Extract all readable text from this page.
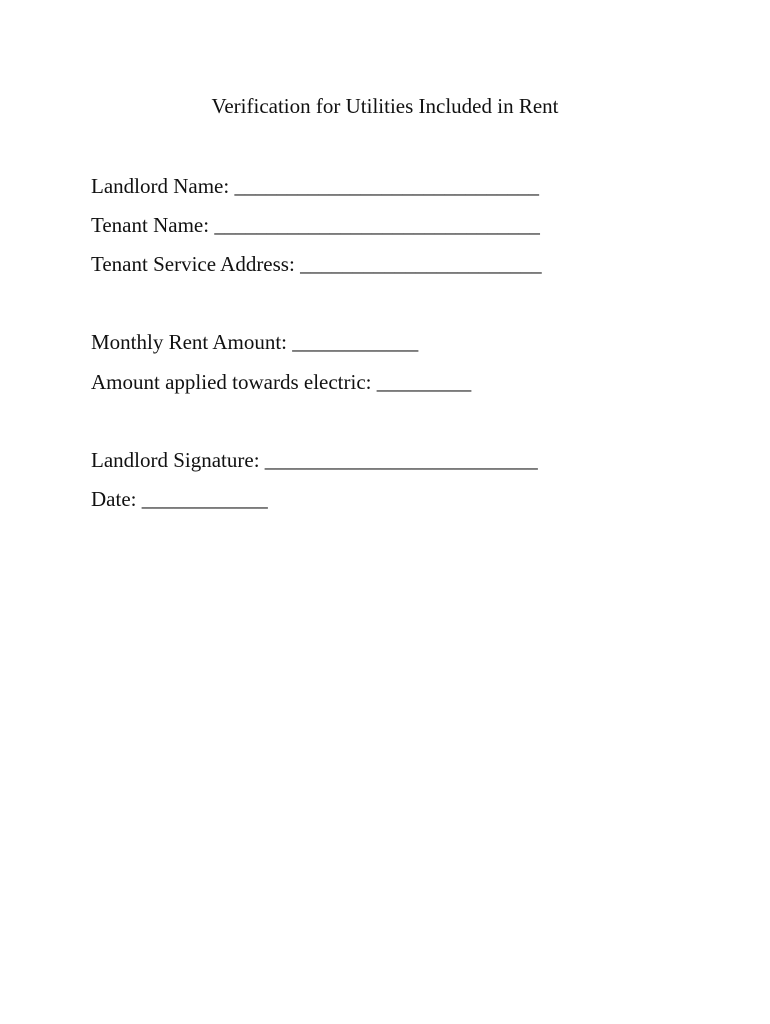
Verification for Utilities Included in Rent

Landlord Name: _____________________________

Tenant Name: _______________________________

Tenant Service Address: _______________________

Monthly Rent Amount: ____________

Amount applied towards electric: _________

Landlord Signature: __________________________

Date: ____________
